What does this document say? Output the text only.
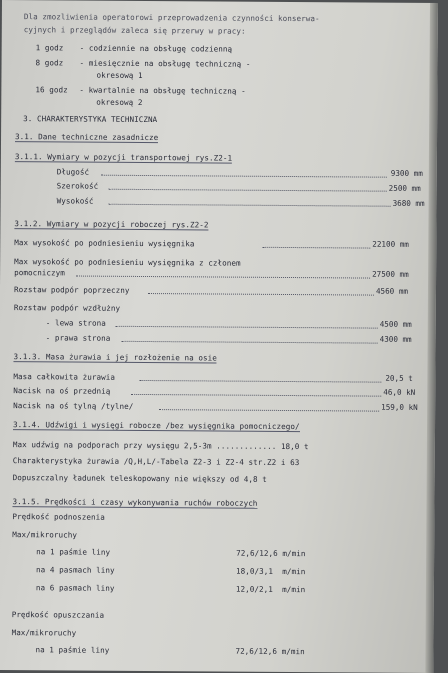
Dla zmozliwienia operatorowi przeprowadzenia czynności konserwa-
cyjnych i przeglądów zaleca się przerwy w pracy:
1 godz - codziennie na obsługę codzienną
8 godz - miesięcznie na obsługę techniczną -
okresową 1
16 godz - kwartalnie na obsługę techniczną -
okresową 2
3. CHARAKTERYSTYKA TECHNICZNA
3.1. Dane techniczne zasadnicze
3.1.1. Wymiary w pozycji transportowej rys.Z2-1
Długość	9300 mm
Szerokość	2500 mm
Wysokość	3680 mm
3.1.2. Wymiary w pozycji roboczej rys.Z2-2
Max wysokość po podniesieniu wysięgnika	22100 mm
Max wysokość po podniesieniu wysięgnika z członem
pomocniczym	27500 mm
Rozstaw podpór poprzeczny	4560 mm
Rozstaw podpór wzdłużny
- lewa strona	4500 mm
- prawa strona	4300 mm
3.1.3. Masa żurawia i jej rozłożenie na osie
Masa całkowita żurawia	20,5 t
Nacisk na oś przednią	46,0 kN
Nacisk na oś tylną /tylne/	159,0 kN
3.1.4. Udźwigi i wysięgi robocze /bez wysięgnika pomocniczego/
Max udźwig na podporach przy wysięgu 2,5-3m ............. 18,0 t
Charakterystyka żurawia /Q,H,L/-Tabela Z2-3 i Z2-4 str.Z2 i 63
Dopuszczalny ładunek teleskopowany nie większy od 4,8 t
3.1.5. Prędkości i czasy wykonywania ruchów roboczych
Prędkość podnoszenia
Max/mikroruchy
na 1 paśmie liny	72,6/12,6 m/min
na 4 pasmach liny	18,0/3,1  m/min
na 6 pasmach liny	12,0/2,1  m/min
Prędkość opuszczania
Max/mikroruchy
na 1 paśmie liny	72,6/12,6 m/min
